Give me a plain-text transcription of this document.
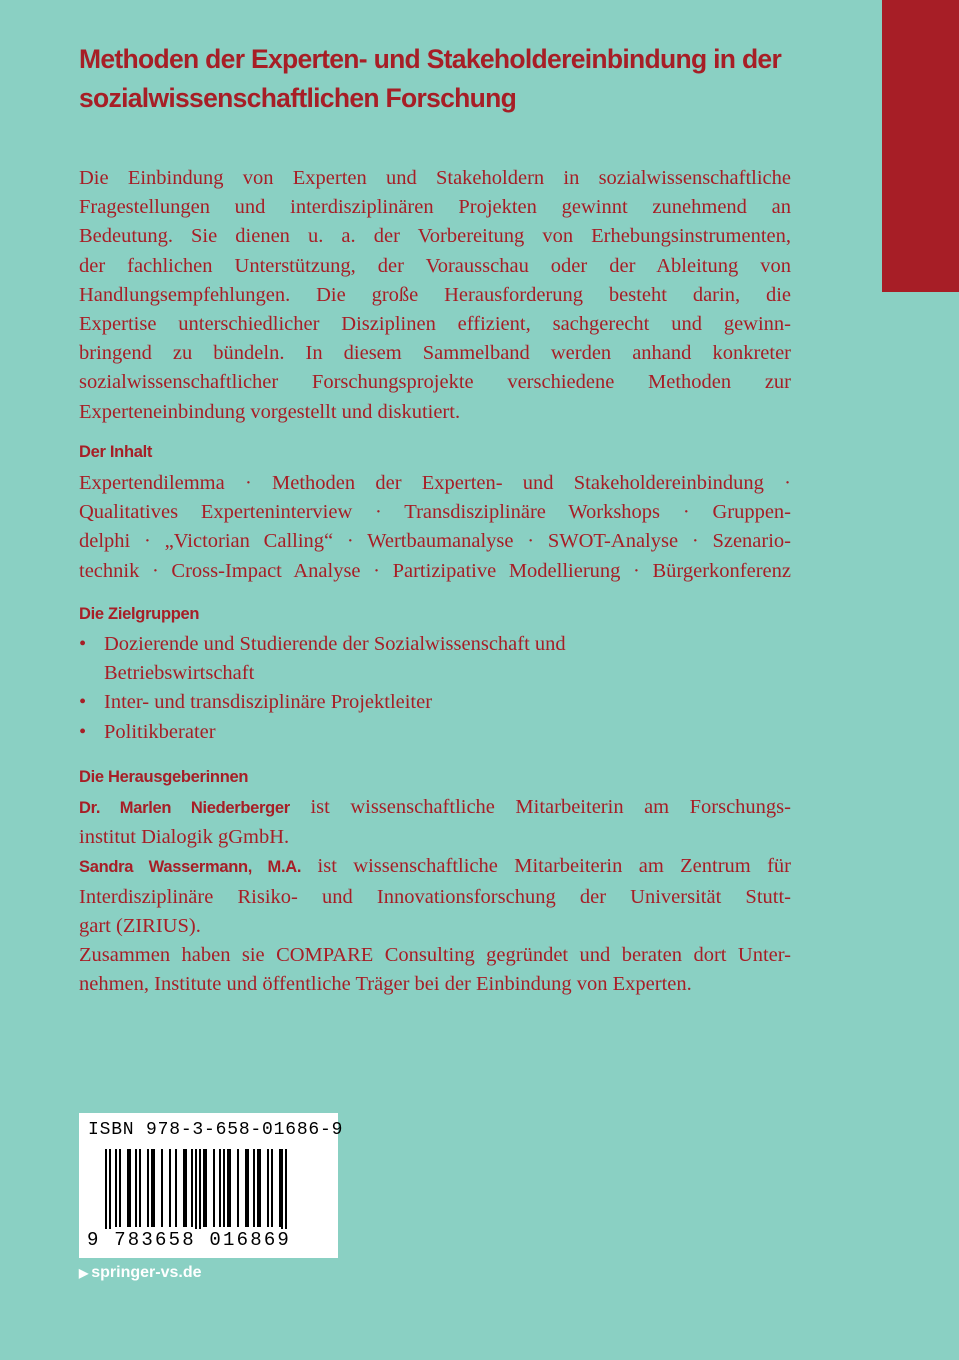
Methoden der Experten- und Stakeholdereinbindung in der
sozialwissenschaftlichen Forschung

Die Einbindung von Experten und Stakeholdern in sozialwissenschaftliche
Fragestellungen und interdisziplinären Projekten gewinnt zunehmend an
Bedeutung. Sie dienen u. a. der Vorbereitung von Erhebungsinstrumenten,
der fachlichen Unterstützung, der Vorausschau oder der Ableitung von
Handlungsempfehlungen. Die große Herausforderung besteht darin, die
Expertise unterschiedlicher Disziplinen effizient, sachgerecht und gewinn-
bringend zu bündeln. In diesem Sammelband werden anhand konkreter
sozialwissenschaftlicher Forschungsprojekte verschiedene Methoden zur
Experteneinbindung vorgestellt und diskutiert.

Der Inhalt

Expertendilemma · Methoden der Experten- und Stakeholdereinbindung ·
Qualitatives Experteninterview · Transdisziplinäre Workshops · Gruppen-
delphi · „Victorian Calling“ · Wertbaumanalyse · SWOT-Analyse · Szenario-
technik · Cross-Impact Analyse · Partizipative Modellierung · Bürgerkonferenz

Die Zielgruppen
• Dozierende und Studierende der Sozialwissenschaft und
Betriebswirtschaft
• Inter- und transdisziplinäre Projektleiter
• Politikberater
Die Herausgeberinnen
Dr. Marlen Niederberger ist wissenschaftliche Mitarbeiterin am Forschungs-
institut Dialogik gGmbH.
Sandra Wassermann, M.A. ist wissenschaftliche Mitarbeiterin am Zentrum für
Interdisziplinäre Risiko- und Innovationsforschung der Universität Stutt-
gart (ZIRIUS).
Zusammen haben sie COMPARE Consulting gegründet und beraten dort Unter-
nehmen, Institute und öffentliche Träger bei der Einbindung von Experten.
ISBN 978-3-658-01686-9
9 783658 016869
▶ springer-vs.de
